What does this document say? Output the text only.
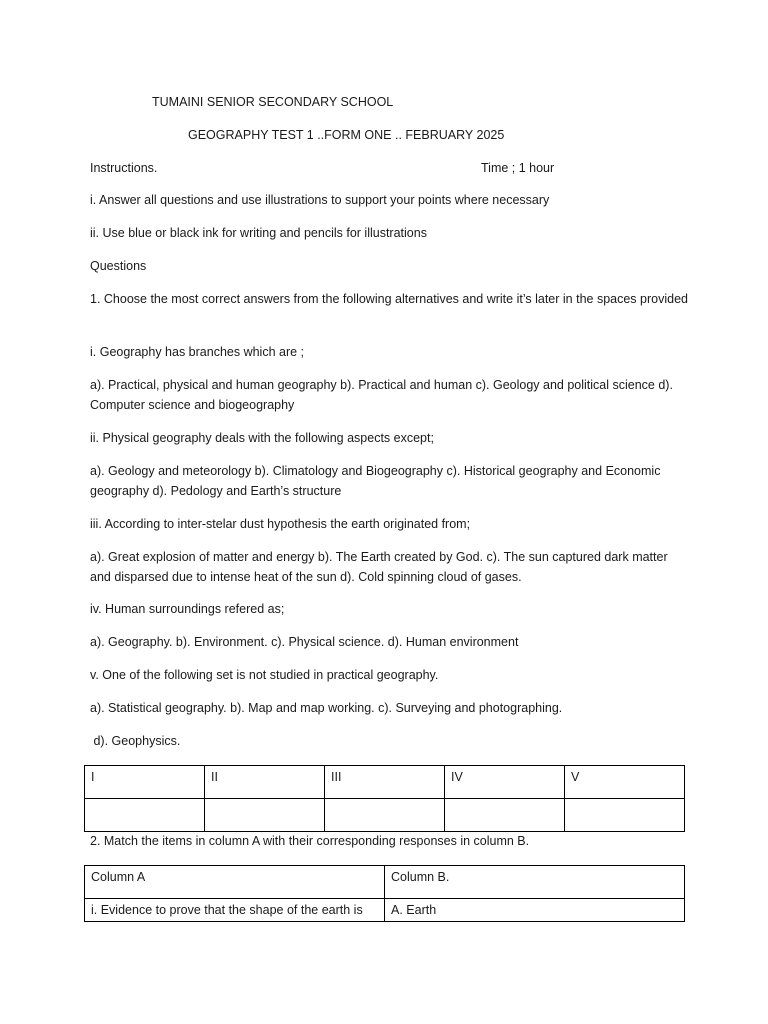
TUMAINI SENIOR SECONDARY SCHOOL
GEOGRAPHY TEST 1 ..FORM ONE .. FEBRUARY 2025
Instructions.	Time ; 1 hour
i. Answer all questions and use illustrations to support your points where necessary
ii. Use blue or black ink for writing and pencils for illustrations
Questions
1. Choose the most correct answers from the following alternatives and write it’s later in the spaces provided
i. Geography has branches which are ;
a). Practical, physical and human geography b). Practical and human c). Geology and political science d). Computer science and biogeography
ii. Physical geography deals with the following aspects except;
a). Geology and meteorology b). Climatology and Biogeography c). Historical geography and Economic geography d). Pedology and Earth’s structure
iii. According to inter-stelar dust hypothesis the earth originated from;
a). Great explosion of matter and energy b). The Earth created by God. c). The sun captured dark matter and disparsed due to intense heat of the sun d). Cold spinning cloud of gases.
iv. Human surroundings refered as;
a). Geography. b). Environment. c). Physical science. d). Human environment
v. One of the following set is not studied in practical geography.
a). Statistical geography. b). Map and map working. c). Surveying and photographing.
d). Geophysics.
I	II	III	IV	V

2. Match the items in column A with their corresponding responses in column B.
Column A	Column B.
i. Evidence to prove that the shape of the earth is	A. Earth
